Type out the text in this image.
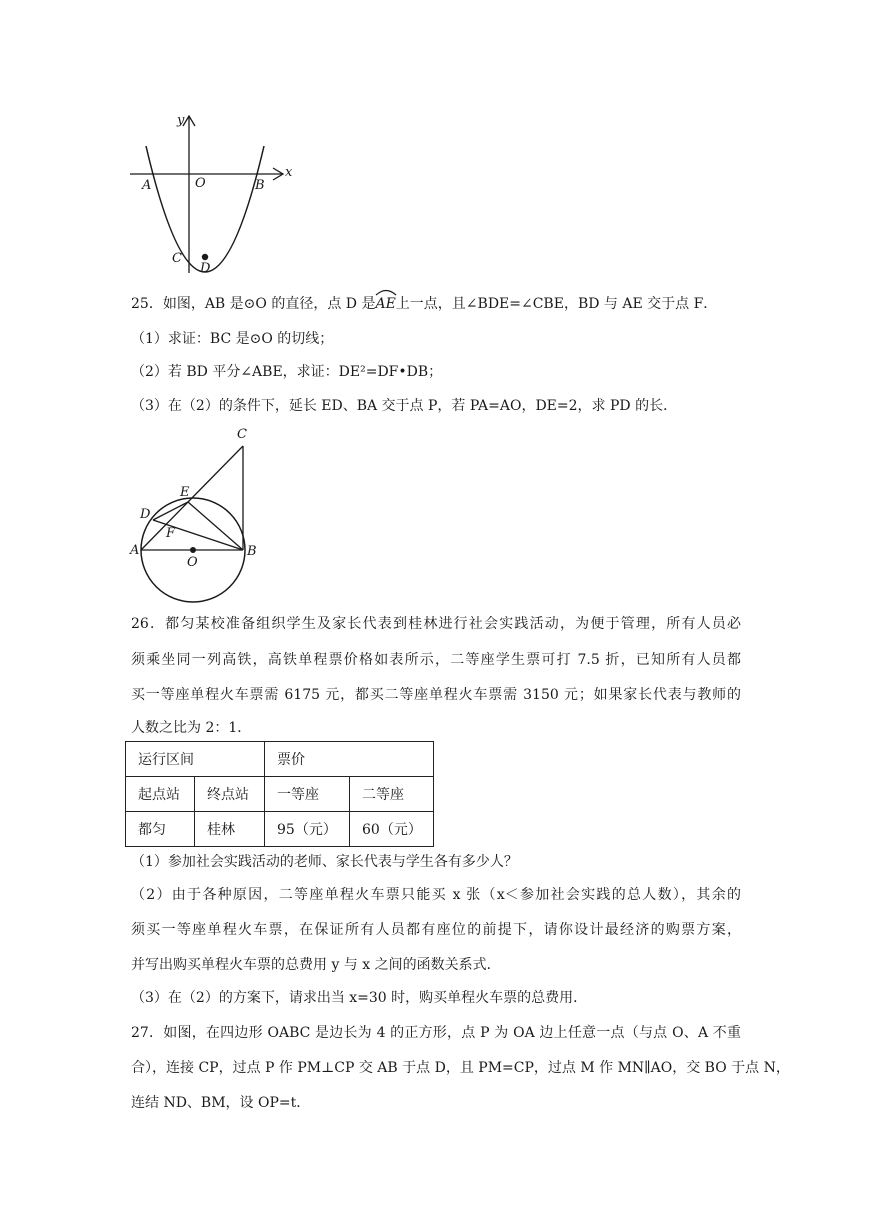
y
x
A	O	B
C
D
25．如图，AB 是⊙O 的直径，点 D 是
AE上一点，且∠BDE=∠CBE，BD 与 AE 交于点 F．
（1）求证：BC 是⊙O 的切线；
（2）若 BD 平分∠ABE，求证：DE²=DF•DB；
（3）在（2）的条件下，延长 ED、BA 交于点 P，若 PA=AO，DE=2，求 PD 的长．
C
E
D
F
A
O
B
26．都匀某校准备组织学生及家长代表到桂林进行社会实践活动，为便于管理，所有人员必
须乘坐同一列高铁，高铁单程票价格如表所示，二等座学生票可打 7.5 折，已知所有人员都
买一等座单程火车票需 6175 元，都买二等座单程火车票需 3150 元；如果家长代表与教师的
人数之比为 2：1．
运行区间		票价	
起点站	终点站	一等座	二等座
都匀	桂林	95（元）	60（元）
（1）参加社会实践活动的老师、家长代表与学生各有多少人？
（2）由于各种原因，二等座单程火车票只能买 x 张（x＜参加社会实践的总人数），其余的
须买一等座单程火车票，在保证所有人员都有座位的前提下，请你设计最经济的购票方案，
并写出购买单程火车票的总费用 y 与 x 之间的函数关系式．
（3）在（2）的方案下，请求出当 x=30 时，购买单程火车票的总费用．
27．如图，在四边形 OABC 是边长为 4 的正方形，点 P 为 OA 边上任意一点（与点 O、A 不重
合），连接 CP，过点 P 作 PM⊥CP 交 AB 于点 D，且 PM=CP，过点 M 作 MN∥AO，交 BO 于点 N，
连结 ND、BM，设 OP=t．
